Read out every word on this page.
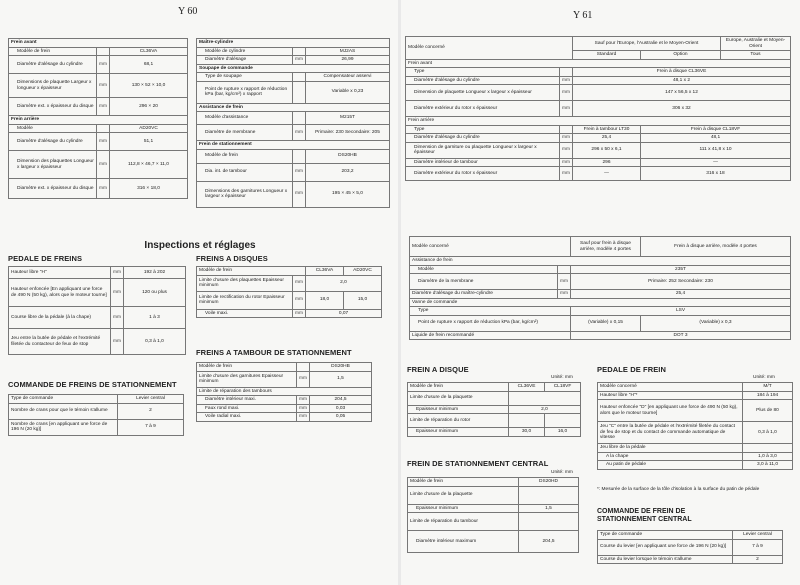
Y 60
Frein avant		
Modèle de frein		CL36VA
Diamètre d'alésage du cylindre	mm	68,1
Dimensions de plaquette Largeur x longueur x épaisseur	mm	130 × 52 × 10,0
Diamètre ext. x épaisseur du disque	mm	296 × 20
Frein arrière		
Modèle		AD20VC
Diamètre d'alésage du cylindre	mm	51,1
Dimension des plaquettes Longueur x largeur x épaisseur	mm	112,8 × 46,7 × 11,0
Diamètre ext. x épaisseur du disque	mm	316 × 18,0
Maître-cylindre		
Modèle de cylindre		MJ2AS
Diamètre d'alésage	mm	26,99
Soupape de commande		
Type de soupape		Compensateur asservi
Point de rupture x rapport de réduction kPa (bar, kg/cm²) x rapport		Variable x 0,23
Assistance de frein		
Modèle d'assistance		M215T
Diamètre de membrane	mm	Primaire: 230 Secondaire: 205
Frein de stationnement		
Modèle de frein		DS20HB
Dia. int. de tambour	mm	203,2
Dimensions des garnitures Longueur x largeur x épaisseur	mm	195 × 45 × 5,0
Inspections et réglages
PEDALE DE FREINS
Hauteur libre "H"	mm	192 à 202
Hauteur enfoncée [En appliquant une force de 490 N (50 kg), alors que le moteur tourne]	mm	120 ou plus
Course libre de la pédale (à la chape)	mm	1 à 3
Jeu entre la butée de pédale et l'extrémité filetée du contacteur de feux de stop	mm	0,3 à 1,0
FREINS A DISQUES
Modèle de frein		CL36VA	AD20VC
Limite d'usure des plaquettes Epaisseur minimum	mm	2,0	
Limite de rectification du rotor Epaisseur minimum	mm	18,0	15,0
Voile maxi.	mm	0,07	
FREINS A TAMBOUR DE STATIONNEMENT
Modèle de frein		DS20HB
Limite d'usure des garnitures Epaisseur minimum	mm	1,5
Limite de réparation des tambours		
Diamètre intérieur maxi.	mm	204,5
Faux rond maxi.	mm	0,03
Voile radial maxi.	mm	0,05
COMMANDE DE FREINS DE STATIONNEMENT
Type de commande	Levier central
Nombre de crans pour que le témoin s'allume	2
Nombre de crans [en appliquant une force de 196 N (20 kg)]	7 à 9
Y 61
Modèle concerné		Sauf pour l'Europe, l'Australie et le Moyen-Orient		Europe, Australie et Moyen-Orient
		Standard	Option	Tous
Frein avant				
Type		Frein à disque CL36VE		
Diamètre d'alésage du cylindre	mm	48,1 x 2		
Dimension de plaquette Longueur x largeur x épaisseur	mm	147 x 56,5 x 12		
Diamètre extérieur du rotor x épaisseur	mm	306 x 32		
Frein arrière				
Type		Frein à tambour LT30	Frein à disque CL18VF	
Diamètre d'alésage du cylindre	mm	25,4	48,1	
Dimension de garniture ou plaquette Longueur x largeur x épaisseur	mm	296 x 50 x 6,1	111 x 41,8 x 10	
Diamètre intérieur de tambour	mm	296	—	
Diamètre extérieur du rotor x épaisseur	mm	—	316 x 18	
Modèle concerné		Sauf pour frein à disque arrière, modèle 4 portes	Frein à disque arrière, modèle 4 portes
Assistance de frein			
Modèle		235T	
Diamètre de la membrane	mm	Primaire: 252 Secondaire: 230	
Diamètre d'alésage du maître-cylindre	mm	25,4	
Vanne de commande			
Type		LSV	
Point de rupture x rapport de réduction kPa (bar, kg/cm²)		(Variable) x 0,15	(Variable) x 0,3
Liquide de frein recommandé		DOT 3	
FREIN A DISQUE
Unité: mm
Modèle de frein	CL36VE	CL18VF
Limite d'usure de la plaquette		
Epaisseur minimum	2,0	
Limite de réparation du rotor		
Epaisseur minimum	30,0	16,0
FREIN DE STATIONNEMENT CENTRAL
Unité: mm
Modèle de frein	DS20HD
Limite d'usure de la plaquette	
Epaisseur minimum	1,5
Limite de réparation du tambour	
Diamètre intérieur maximum	204,5
PEDALE DE FREIN
Unité: mm
Modèle concerné	M/T
Hauteur libre "H"*	184 à 194
Hauteur enfoncée "D" [en appliquant une force de 490 N (50 kg), alors que le moteur tourne]	Plus de 80
Jeu "C" entre la butée de pédale et l'extrémité filetée du contact de feu de stop et du contact de commande automatique de vitesse	0,3 à 1,0
Jeu libre de la pédale	
A la chape	1,0 à 3,0
Au patin de pédale	3,0 à 11,0
*: Mesurée de la surface de la tôle d'isolation à la surface du patin de pédale
COMMANDE DE FREIN DE
STATIONNEMENT CENTRAL
Type de commande	Levier central
Course du levier [en appliquant une force de 196 N (20 kg)]	7 à 9
Course du levier lorsque le témoin s'allume	2
